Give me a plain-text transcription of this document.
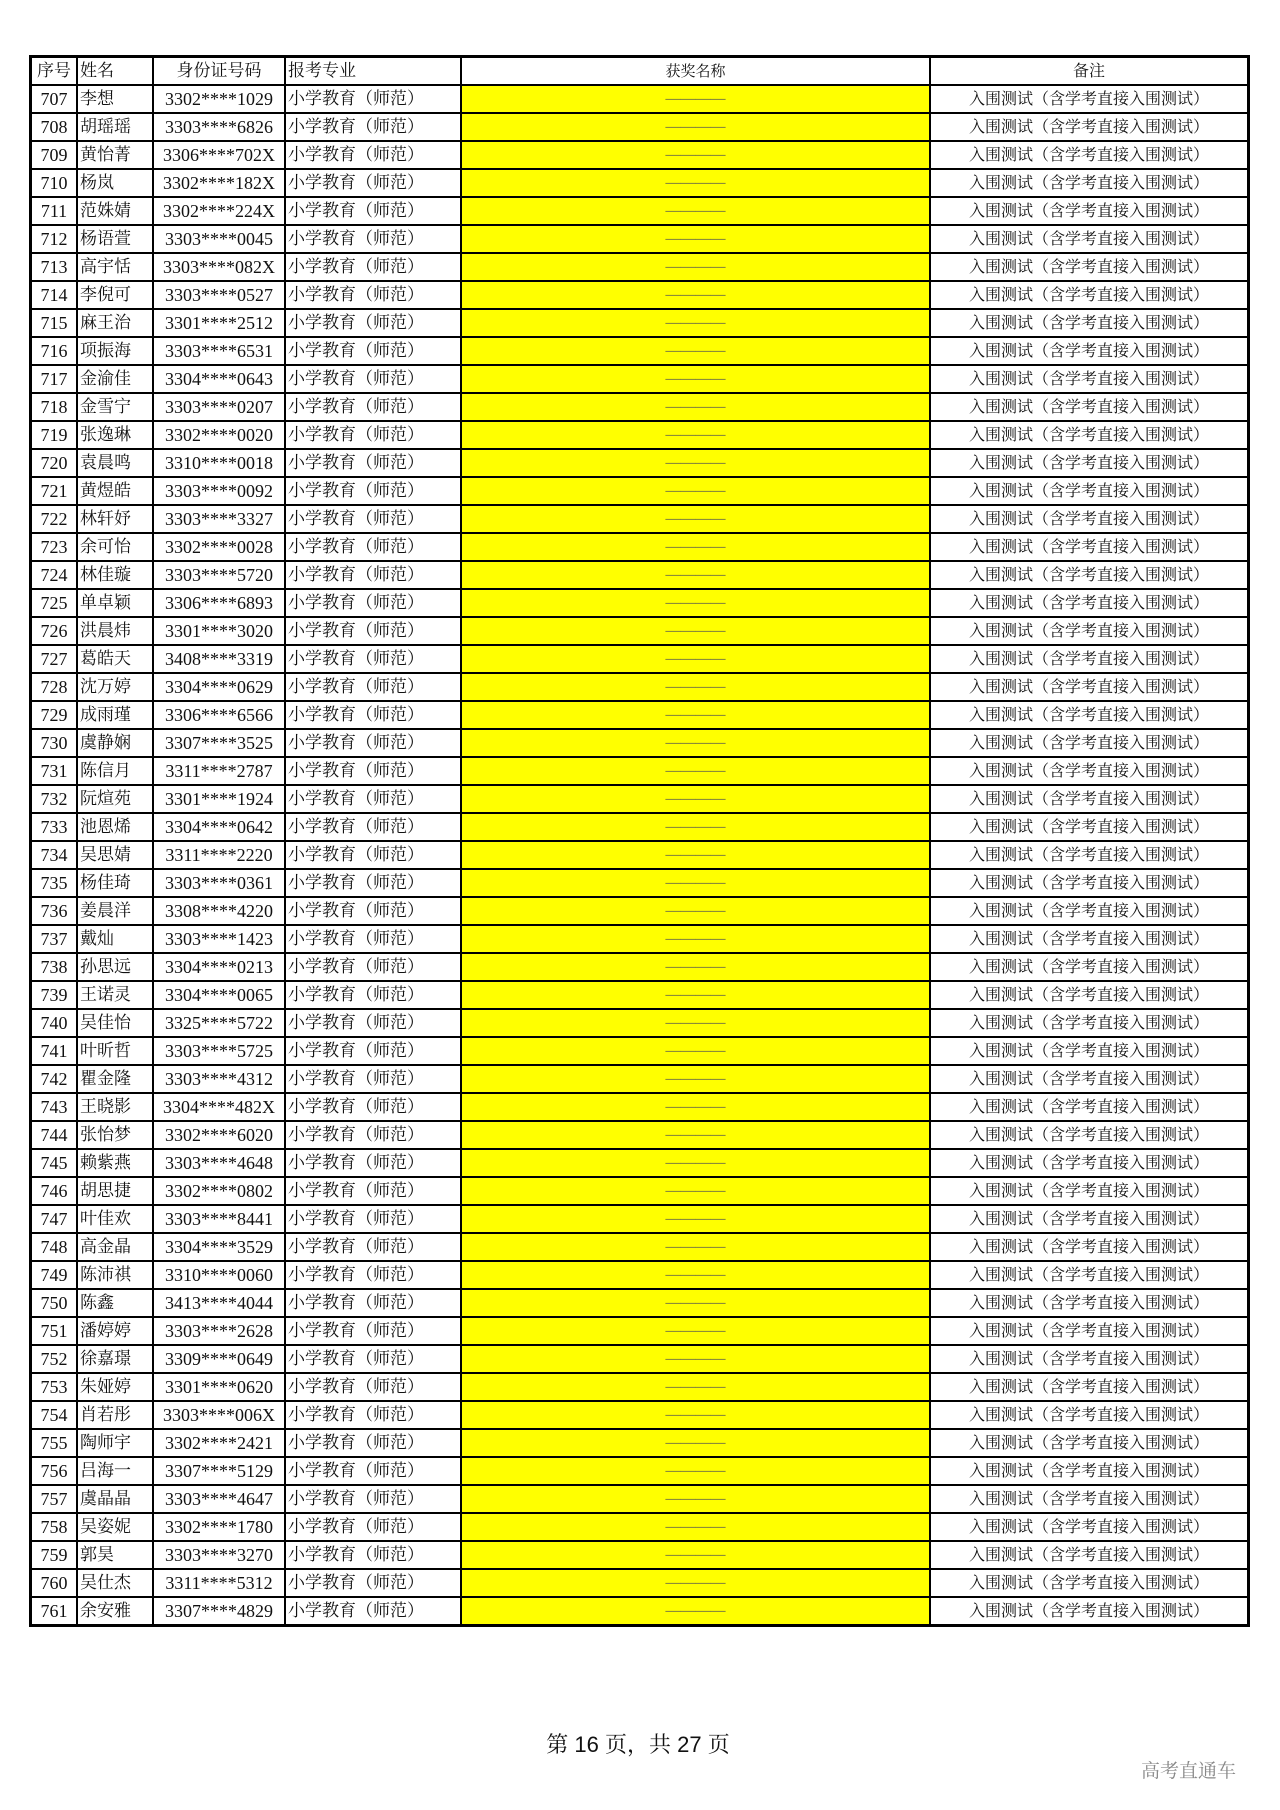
序号	姓名	身份证号码	报考专业	获奖名称	备注
707	李想	3302****1029	小学教育（师范）	————	入围测试（含学考直接入围测试）
708	胡瑶瑶	3303****6826	小学教育（师范）	————	入围测试（含学考直接入围测试）
709	黄怡菁	3306****702X	小学教育（师范）	————	入围测试（含学考直接入围测试）
710	杨岚	3302****182X	小学教育（师范）	————	入围测试（含学考直接入围测试）
711	范姝婧	3302****224X	小学教育（师范）	————	入围测试（含学考直接入围测试）
712	杨语萱	3303****0045	小学教育（师范）	————	入围测试（含学考直接入围测试）
713	高宇恬	3303****082X	小学教育（师范）	————	入围测试（含学考直接入围测试）
714	李倪可	3303****0527	小学教育（师范）	————	入围测试（含学考直接入围测试）
715	麻王治	3301****2512	小学教育（师范）	————	入围测试（含学考直接入围测试）
716	项振海	3303****6531	小学教育（师范）	————	入围测试（含学考直接入围测试）
717	金渝佳	3304****0643	小学教育（师范）	————	入围测试（含学考直接入围测试）
718	金雪宁	3303****0207	小学教育（师范）	————	入围测试（含学考直接入围测试）
719	张逸琳	3302****0020	小学教育（师范）	————	入围测试（含学考直接入围测试）
720	袁晨鸣	3310****0018	小学教育（师范）	————	入围测试（含学考直接入围测试）
721	黄煜皓	3303****0092	小学教育（师范）	————	入围测试（含学考直接入围测试）
722	林轩妤	3303****3327	小学教育（师范）	————	入围测试（含学考直接入围测试）
723	余可怡	3302****0028	小学教育（师范）	————	入围测试（含学考直接入围测试）
724	林佳璇	3303****5720	小学教育（师范）	————	入围测试（含学考直接入围测试）
725	单卓颖	3306****6893	小学教育（师范）	————	入围测试（含学考直接入围测试）
726	洪晨炜	3301****3020	小学教育（师范）	————	入围测试（含学考直接入围测试）
727	葛皓天	3408****3319	小学教育（师范）	————	入围测试（含学考直接入围测试）
728	沈万婷	3304****0629	小学教育（师范）	————	入围测试（含学考直接入围测试）
729	成雨瑾	3306****6566	小学教育（师范）	————	入围测试（含学考直接入围测试）
730	虞静娴	3307****3525	小学教育（师范）	————	入围测试（含学考直接入围测试）
731	陈信月	3311****2787	小学教育（师范）	————	入围测试（含学考直接入围测试）
732	阮煊苑	3301****1924	小学教育（师范）	————	入围测试（含学考直接入围测试）
733	池恩烯	3304****0642	小学教育（师范）	————	入围测试（含学考直接入围测试）
734	吴思婧	3311****2220	小学教育（师范）	————	入围测试（含学考直接入围测试）
735	杨佳琦	3303****0361	小学教育（师范）	————	入围测试（含学考直接入围测试）
736	姜晨洋	3308****4220	小学教育（师范）	————	入围测试（含学考直接入围测试）
737	戴灿	3303****1423	小学教育（师范）	————	入围测试（含学考直接入围测试）
738	孙思远	3304****0213	小学教育（师范）	————	入围测试（含学考直接入围测试）
739	王诺灵	3304****0065	小学教育（师范）	————	入围测试（含学考直接入围测试）
740	吴佳怡	3325****5722	小学教育（师范）	————	入围测试（含学考直接入围测试）
741	叶昕哲	3303****5725	小学教育（师范）	————	入围测试（含学考直接入围测试）
742	瞿金隆	3303****4312	小学教育（师范）	————	入围测试（含学考直接入围测试）
743	王晓影	3304****482X	小学教育（师范）	————	入围测试（含学考直接入围测试）
744	张怡梦	3302****6020	小学教育（师范）	————	入围测试（含学考直接入围测试）
745	赖紫燕	3303****4648	小学教育（师范）	————	入围测试（含学考直接入围测试）
746	胡思捷	3302****0802	小学教育（师范）	————	入围测试（含学考直接入围测试）
747	叶佳欢	3303****8441	小学教育（师范）	————	入围测试（含学考直接入围测试）
748	高金晶	3304****3529	小学教育（师范）	————	入围测试（含学考直接入围测试）
749	陈沛祺	3310****0060	小学教育（师范）	————	入围测试（含学考直接入围测试）
750	陈鑫	3413****4044	小学教育（师范）	————	入围测试（含学考直接入围测试）
751	潘婷婷	3303****2628	小学教育（师范）	————	入围测试（含学考直接入围测试）
752	徐嘉璟	3309****0649	小学教育（师范）	————	入围测试（含学考直接入围测试）
753	朱娅婷	3301****0620	小学教育（师范）	————	入围测试（含学考直接入围测试）
754	肖若彤	3303****006X	小学教育（师范）	————	入围测试（含学考直接入围测试）
755	陶师宇	3302****2421	小学教育（师范）	————	入围测试（含学考直接入围测试）
756	吕海一	3307****5129	小学教育（师范）	————	入围测试（含学考直接入围测试）
757	虞晶晶	3303****4647	小学教育（师范）	————	入围测试（含学考直接入围测试）
758	吴姿妮	3302****1780	小学教育（师范）	————	入围测试（含学考直接入围测试）
759	郭昊	3303****3270	小学教育（师范）	————	入围测试（含学考直接入围测试）
760	吴仕杰	3311****5312	小学教育（师范）	————	入围测试（含学考直接入围测试）
761	余安雅	3307****4829	小学教育（师范）	————	入围测试（含学考直接入围测试）
第 16 页，共 27 页
高考直通车
